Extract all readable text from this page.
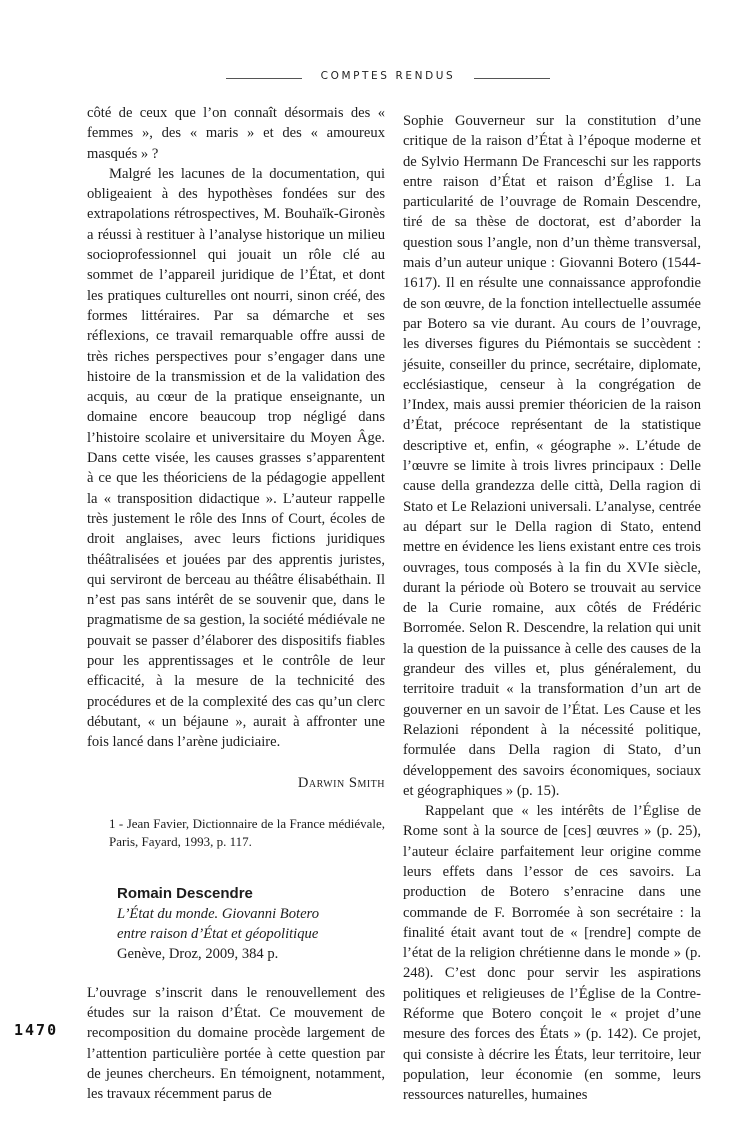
COMPTES RENDUS

côté de ceux que l’on connaît désormais des « femmes », des « maris » et des « amoureux masqués » ?

Malgré les lacunes de la documentation, qui obligeaient à des hypothèses fondées sur des extrapolations rétrospectives, M. Bouhaïk-Gironès a réussi à restituer à l’analyse historique un milieu socioprofessionnel qui jouait un rôle clé au sommet de l’appareil juridique de l’État, et dont les pratiques culturelles ont nourri, sinon créé, des formes littéraires. Par sa démarche et ses réflexions, ce travail remarquable offre aussi de très riches perspectives pour s’engager dans une histoire de la transmission et de la validation des acquis, au cœur de la pratique enseignante, un domaine encore beaucoup trop négligé dans l’histoire scolaire et universitaire du Moyen Âge. Dans cette visée, les causes grasses s’apparentent à ce que les théoriciens de la pédagogie appellent la « transposition didactique ». L’auteur rappelle très justement le rôle des Inns of Court, écoles de droit anglaises, avec leurs fictions juridiques théâtralisées et jouées par des apprentis juristes, qui serviront de berceau au théâtre élisabéthain. Il n’est pas sans intérêt de se souvenir que, dans le pragmatisme de sa gestion, la société médiévale ne pouvait se passer d’élaborer des dispositifs fiables pour les apprentissages et le contrôle de leur efficacité, à la mesure de la technicité des procédures et de la complexité des cas qu’un clerc débutant, « un béjaune », aurait à affronter une fois lancé dans l’arène judiciaire.

Darwin Smith
1 - Jean Favier, Dictionnaire de la France médiévale, Paris, Fayard, 1993, p. 117.
Romain Descendre
L’État du monde. Giovanni Botero
entre raison d’État et géopolitique
Genève, Droz, 2009, 384 p.

L’ouvrage s’inscrit dans le renouvellement des études sur la raison d’État. Ce mouvement de recomposition du domaine procède largement de l’attention particulière portée à cette question par de jeunes chercheurs. En témoignent, notamment, les travaux récemment parus de

Sophie Gouverneur sur la constitution d’une critique de la raison d’État à l’époque moderne et de Sylvio Hermann De Franceschi sur les rapports entre raison d’État et raison d’Église 1. La particularité de l’ouvrage de Romain Descendre, tiré de sa thèse de doctorat, est d’aborder la question sous l’angle, non d’un thème transversal, mais d’un auteur unique : Giovanni Botero (1544-1617). Il en résulte une connaissance approfondie de son œuvre, de la fonction intellectuelle assumée par Botero sa vie durant. Au cours de l’ouvrage, les diverses figures du Piémontais se succèdent : jésuite, conseiller du prince, secrétaire, diplomate, ecclésiastique, censeur à la congrégation de l’Index, mais aussi premier théoricien de la raison d’État, précoce représentant de la statistique descriptive et, enfin, « géographe ». L’étude de l’œuvre se limite à trois livres principaux : Delle cause della grandezza delle città, Della ragion di Stato et Le Relazioni universali. L’analyse, centrée au départ sur le Della ragion di Stato, entend mettre en évidence les liens existant entre ces trois ouvrages, tous composés à la fin du XVIe siècle, durant la période où Botero se trouvait au service de la Curie romaine, aux côtés de Frédéric Borromée. Selon R. Descendre, la relation qui unit la question de la puissance à celle des causes de la grandeur des villes et, plus généralement, du territoire traduit « la transformation d’un art de gouverner en un savoir de l’État. Les Cause et les Relazioni répondent à la nécessité politique, formulée dans Della ragion di Stato, d’un développement des savoirs économiques, sociaux et géographiques » (p. 15).

Rappelant que « les intérêts de l’Église de Rome sont à la source de [ces] œuvres » (p. 25), l’auteur éclaire parfaitement leur origine comme leurs effets dans l’essor de ces savoirs. La production de Botero s’enracine dans une commande de F. Borromée à son secrétaire : la finalité était avant tout de « [rendre] compte de l’état de la religion chrétienne dans le monde » (p. 248). C’est donc pour servir les aspirations politiques et religieuses de l’Église de la Contre-Réforme que Botero conçoit le « projet d’une mesure des forces des États » (p. 142). Ce projet, qui consiste à décrire les États, leur territoire, leur population, leur économie (en somme, leurs ressources naturelles, humaines

1470
